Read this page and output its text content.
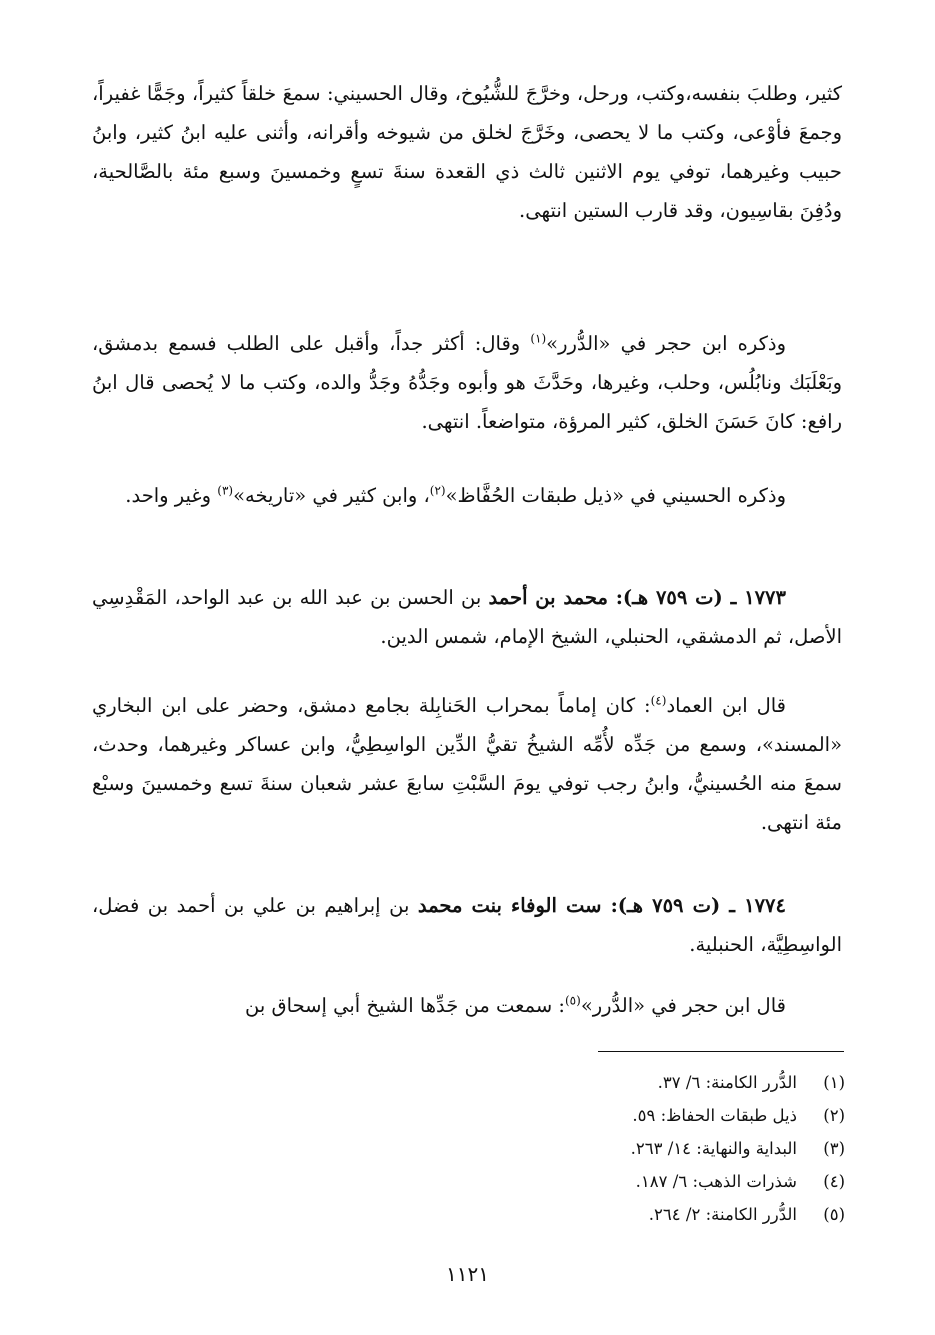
كثير، وطلبَ بنفسه،وكتب، ورحل، وخرَّجَ للشُّيُوخ، وقال الحسيني: سمعَ خلقاً كثيراً، وجَمًّا غفيراً، وجمعَ فأوْعى، وكتب ما لا يحصى، وخَرَّجَ لخلق من شيوخه وأقرانه، وأثنى عليه ابنُ كثير، وابنُ حبيب وغيرهما، توفي يوم الاثنين ثالث ذي القعدة سنةَ تسعٍ وخمسينَ وسبع مئة بالصَّالحية، ودُفِنَ بقاسِيون، وقد قارب الستين انتهى.

وذكره ابن حجر في «الدُّرر»$^{(١)}$ وقال: أكثر جداً، وأقبل على الطلب فسمع بدمشق، وبَعْلَبَك ونابُلُس، وحلب، وغيرها، وحَدَّثَ هو وأبوه وجَدُّهُ وجَدُّ والده، وكتب ما لا يُحصى قال ابنُ رافع: كانَ حَسَنَ الخلق، كثير المرؤة، متواضعاً. انتهى.

وذكره الحسيني في «ذيل طبقات الحُفَّاظ»$^{(٢)}$، وابن كثير في «تاريخه»$^{(٣)}$ وغير واحد.

١٧٧٣ ـ (ت ٧٥٩ هـ): محمد بن أحمد بن الحسن بن عبد الله بن عبد الواحد، المَقْدِسِي الأصل، ثم الدمشقي، الحنبلي، الشيخ الإمام، شمس الدين.

قال ابن العماد$^{(٤)}$: كان إماماً بمحراب الحَنابِلة بجامع دمشق، وحضر على ابن البخاري «المسند»، وسمع من جَدِّه لأُمِّه الشيخُ تقيُّ الدِّين الواسِطِيُّ، وابن عساكر وغيرهما، وحدث، سمعَ منه الحُسينيُّ، وابنُ رجب توفي يومَ السَّبْتِ سابعَ عشر شعبان سنةَ تسع وخمسينَ وسبْع مئة انتهى.

١٧٧٤ ـ (ت ٧٥٩ هـ): ست الوفاء بنت محمد بن إبراهيم بن علي بن أحمد بن فضل، الواسِطِيَّة، الحنبلية.

قال ابن حجر في «الدُّرر»$^{(٥)}$: سمعت من جَدِّها الشيخ أبي إسحاق بن

(١)
الدُّرر الكامنة: ٦/ ٣٧.
(٢)
ذيل طبقات الحفاظ: ٥٩.
(٣)
البداية والنهاية: ١٤/ ٢٦٣.
(٤)
شذرات الذهب: ٦/ ١٨٧.
(٥)
الدُّرر الكامنة: ٢/ ٢٦٤.
١١٢١
